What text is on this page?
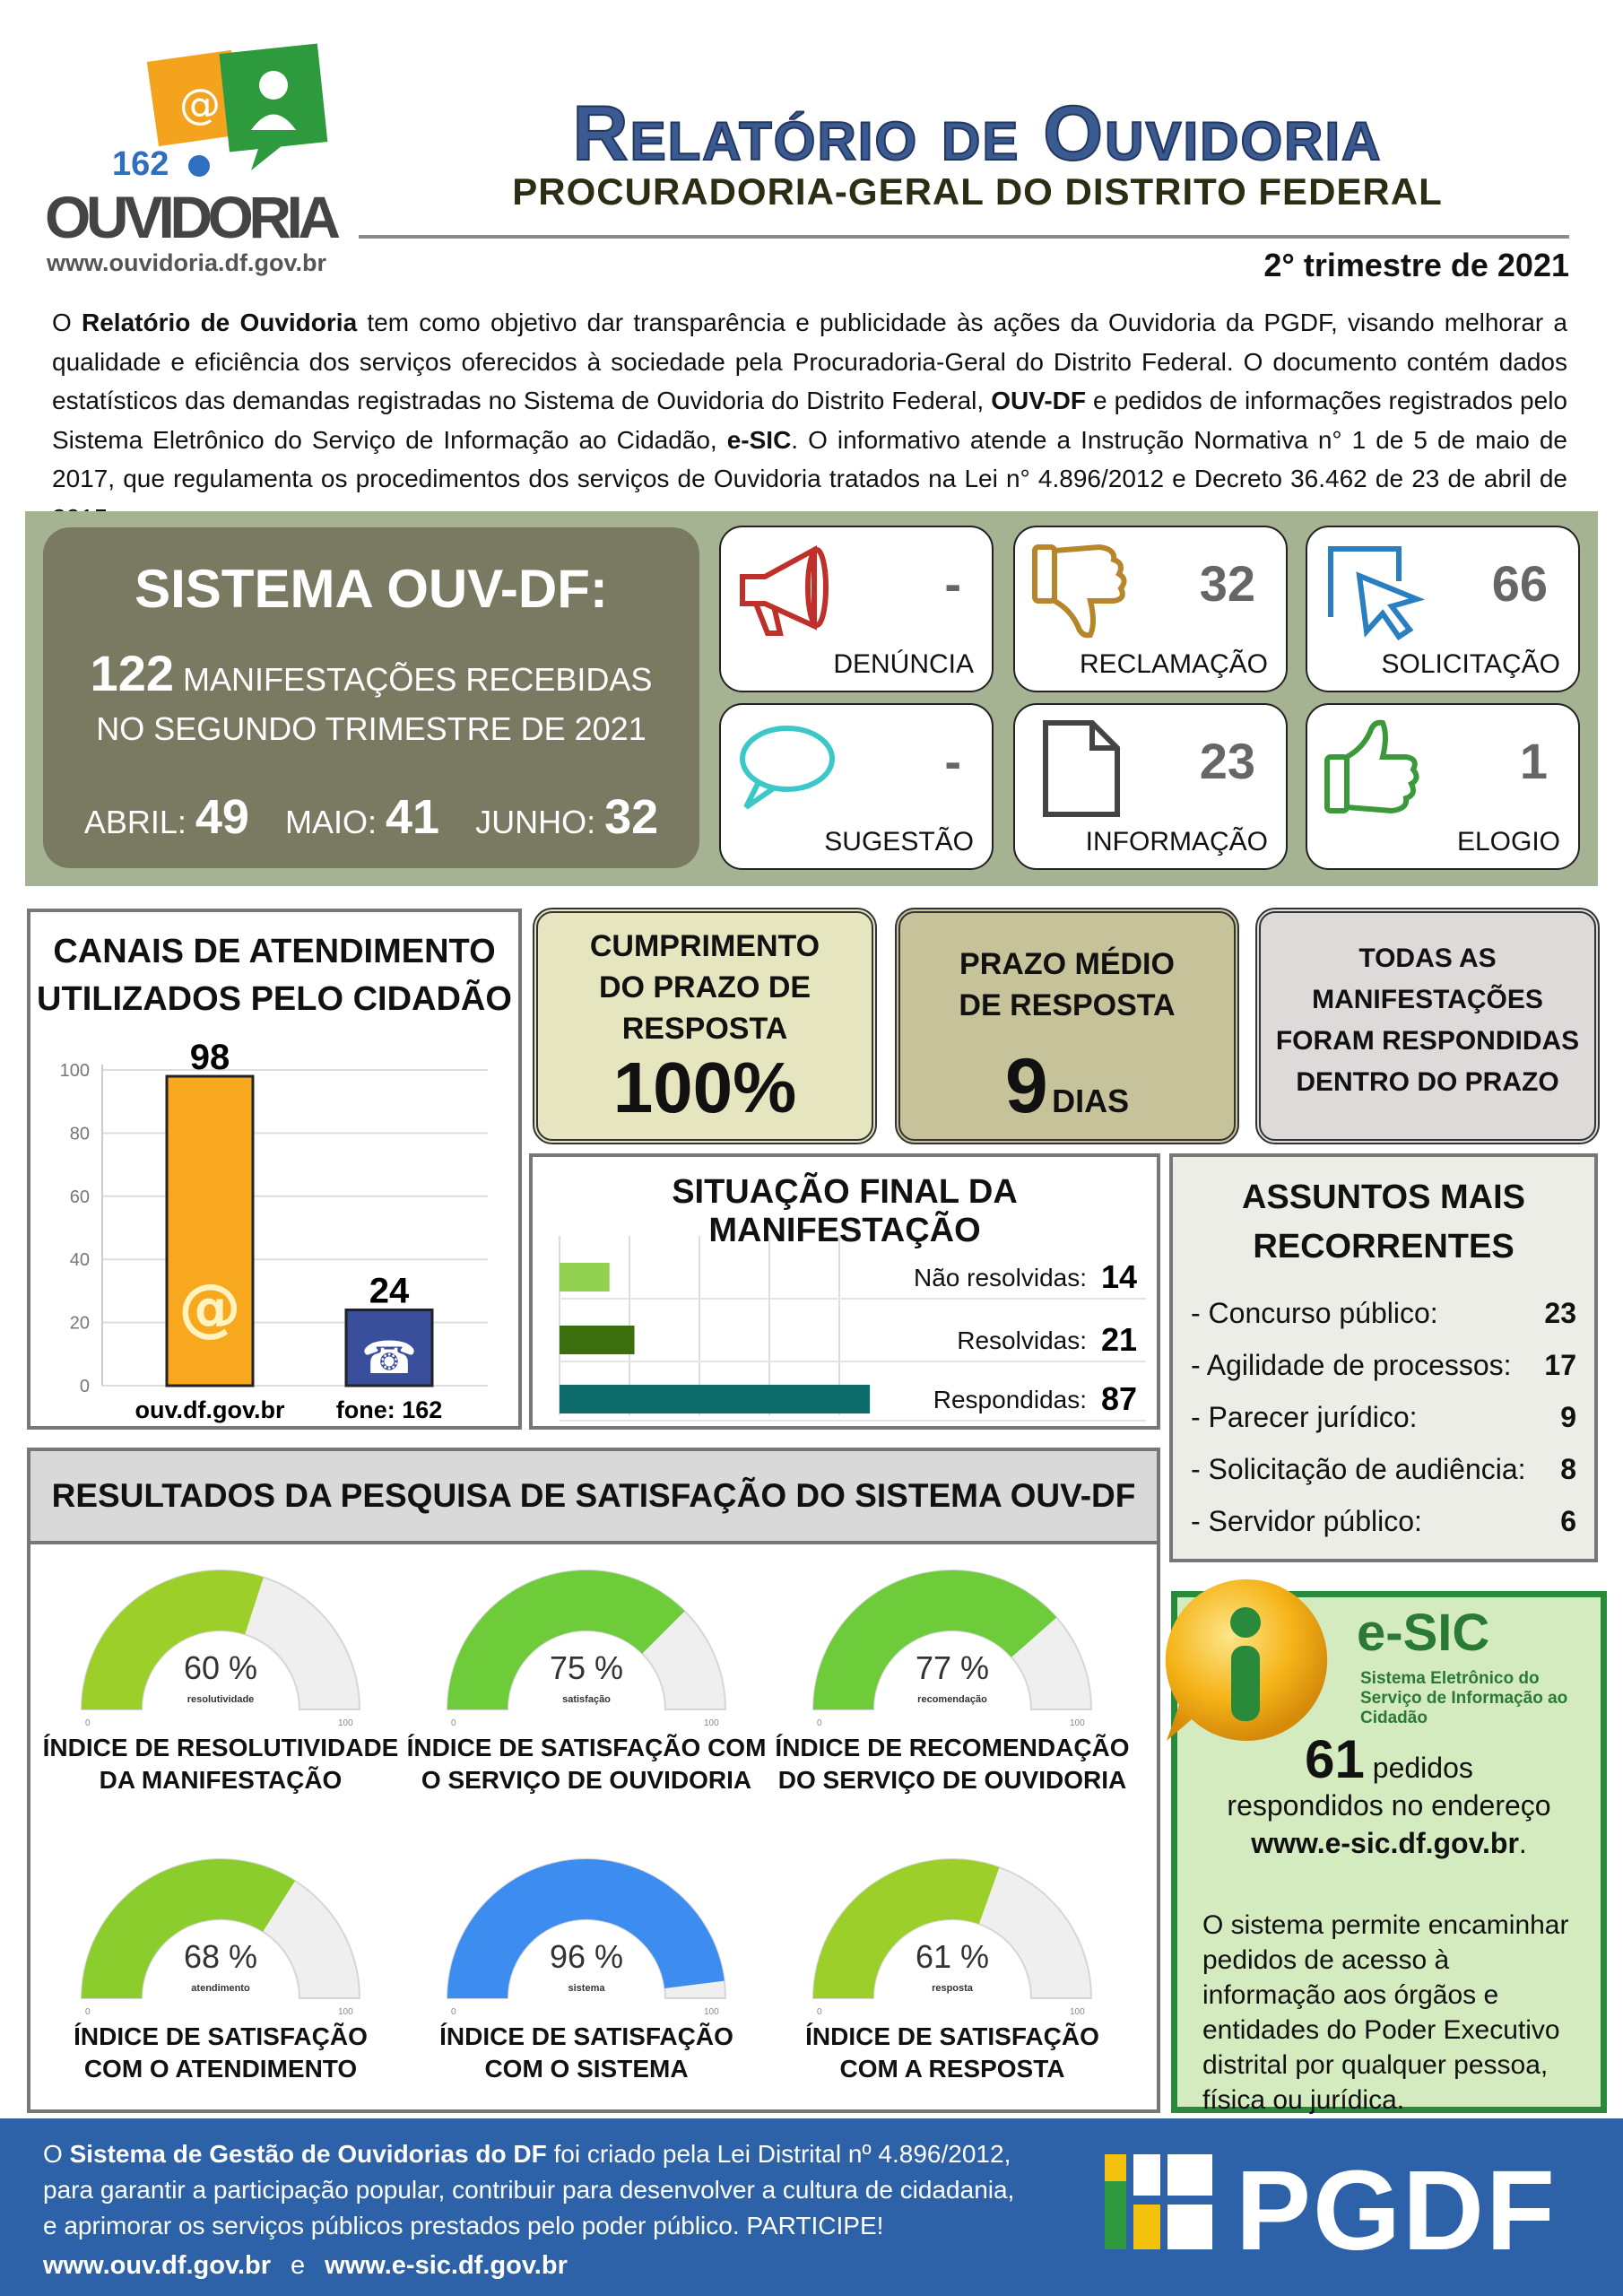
@
162
OUVIDORIA
www.ouvidoria.df.gov.br
Relatório de Ouvidoria
PROCURADORIA-GERAL DO DISTRITO FEDERAL
2° trimestre de 2021
O Relatório de Ouvidoria tem como objetivo dar transparência e publicidade às ações da Ouvidoria da PGDF, visando melhorar a qualidade e eficiência dos serviços oferecidos à sociedade pela Procuradoria-Geral do Distrito Federal. O documento contém dados estatísticos das demandas registradas no Sistema de Ouvidoria do Distrito Federal, OUV-DF e pedidos de informações registrados pelo Sistema Eletrônico do Serviço de Informação ao Cidadão, e-SIC. O informativo atende a Instrução Normativa n° 1 de 5 de maio de 2017, que regulamenta os procedimentos dos serviços de Ouvidoria tratados na Lei n° 4.896/2012 e Decreto 36.462 de 23 de abril de
SISTEMA OUV-DF:
122 MANIFESTAÇÕES RECEBIDAS
NO SEGUNDO TRIMESTRE DE 2021
ABRIL: 49 MAIO: 41 JUNHO: 32
-
DENÚNCIA
32
RECLAMAÇÃO
66
SOLICITAÇÃO
-
SUGESTÃO
23
INFORMAÇÃO
1
ELOGIO
CANAIS DE ATENDIMENTO
UTILIZADOS PELO CIDADÃO
0
20
40
60
80
100	98
ouv.df.gov.br
24
fone: 162
@
☎
CUMPRIMENTO
DO PRAZO DE
RESPOSTA
100%
PRAZO MÉDIO
DE RESPOSTA
9 DIAS
TODAS AS
MANIFESTAÇÕES
FORAM RESPONDIDAS
DENTRO DO PRAZO
SITUAÇÃO FINAL DA MANIFESTAÇÃO
Não resolvidas: 14
Resolvidas: 21
Respondidas: 87
ASSUNTOS MAIS
RECORRENTES
- Concurso público:	23
- Agilidade de processos: 17
- Parecer jurídico:	9
- Solicitação de audiência: 8
- Servidor público:	6
RESULTADOS DA PESQUISA DE SATISFAÇÃO DO SISTEMA OUV-DF
60 %
resolutividade
0	100
ÍNDICE DE RESOLUTIVIDADE
DA MANIFESTAÇÃO
75 %
satisfação
0	100
ÍNDICE DE SATISFAÇÃO COM
O SERVIÇO DE OUVIDORIA
77 %
recomendação
0	100
ÍNDICE DE RECOMENDAÇÃO
DO SERVIÇO DE OUVIDORIA
68 %
atendimento
0	100
ÍNDICE DE SATISFAÇÃO
COM O ATENDIMENTO
96 %
sistema
0	100
ÍNDICE DE SATISFAÇÃO
COM O SISTEMA
61 %
resposta
0	100
ÍNDICE DE SATISFAÇÃO
COM A RESPOSTA
e-SIC
Sistema Eletrônico do Serviço de Informação ao Cidadão
61 pedidos
respondidos no endereço
www.e-sic.df.gov.br.
O sistema permite encaminhar pedidos de acesso à informação aos órgãos e entidades do Poder Executivo distrital por qualquer pessoa, física ou jurídica.
O Sistema de Gestão de Ouvidorias do DF foi criado pela Lei Distrital nº 4.896/2012,
para garantir a participação popular, contribuir para desenvolver a cultura de cidadania,
e aprimorar os serviços públicos prestados pelo poder público. PARTICIPE!
www.ouv.df.gov.br e www.e-sic.df.gov.br	PGDF
